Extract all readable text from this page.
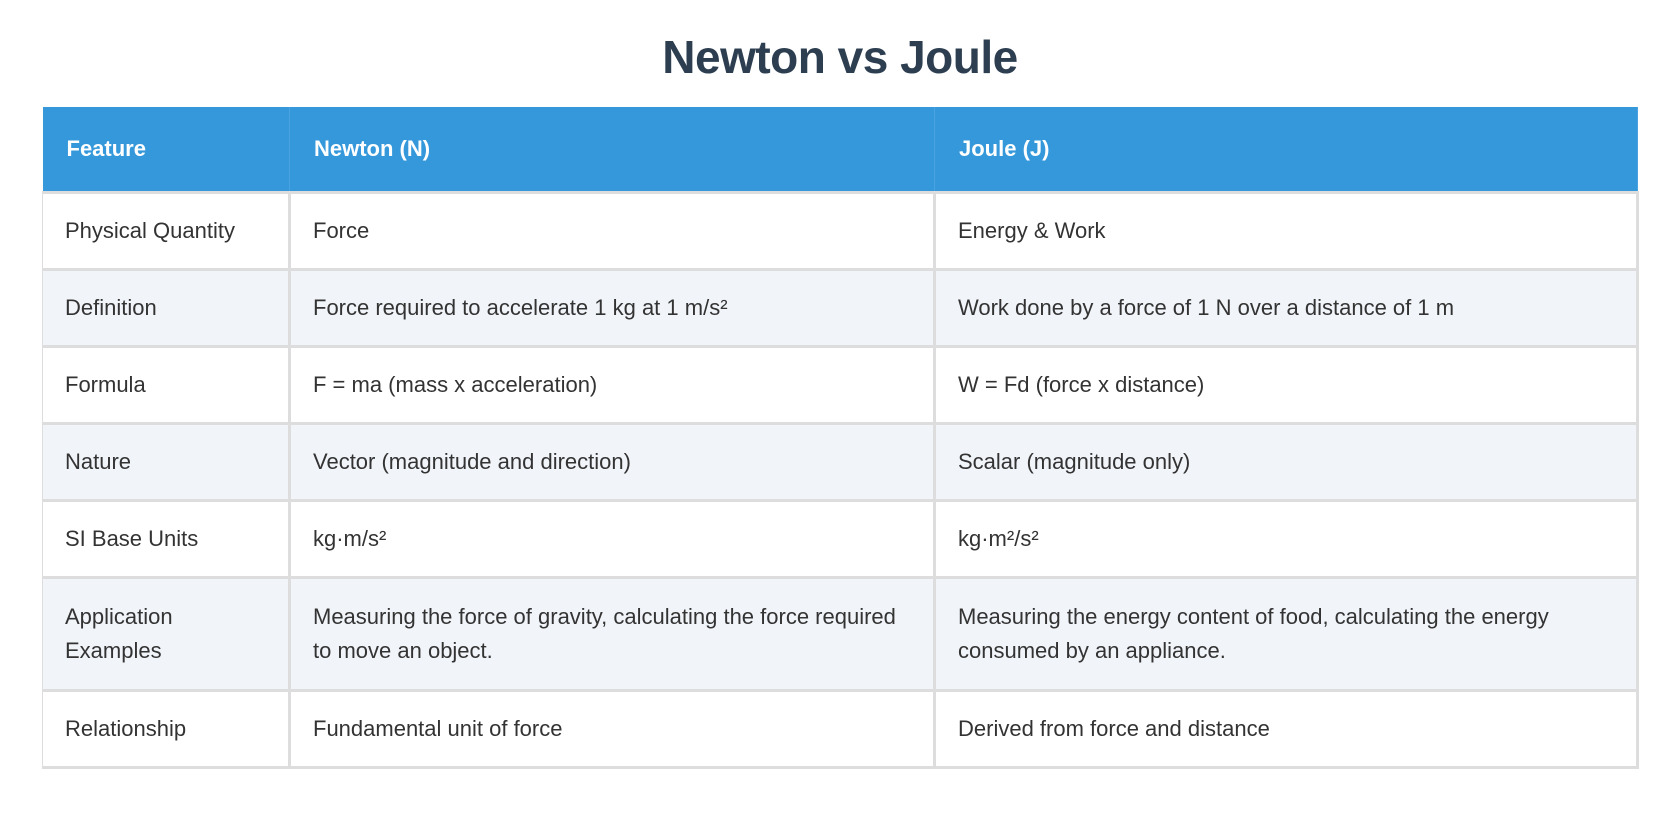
Newton vs Joule
Feature	Newton (N)	Joule (J)
Physical Quantity	Force	Energy & Work
Definition	Force required to accelerate 1 kg at 1 m/s²	Work done by a force of 1 N over a distance of 1 m
Formula	F = ma (mass x acceleration)	W = Fd (force x distance)
Nature	Vector (magnitude and direction)	Scalar (magnitude only)
SI Base Units	kg·m/s²	kg·m²/s²
Application Examples	Measuring the force of gravity, calculating the force required to move an object.	Measuring the energy content of food, calculating the energy consumed by an appliance.
Relationship	Fundamental unit of force	Derived from force and distance
